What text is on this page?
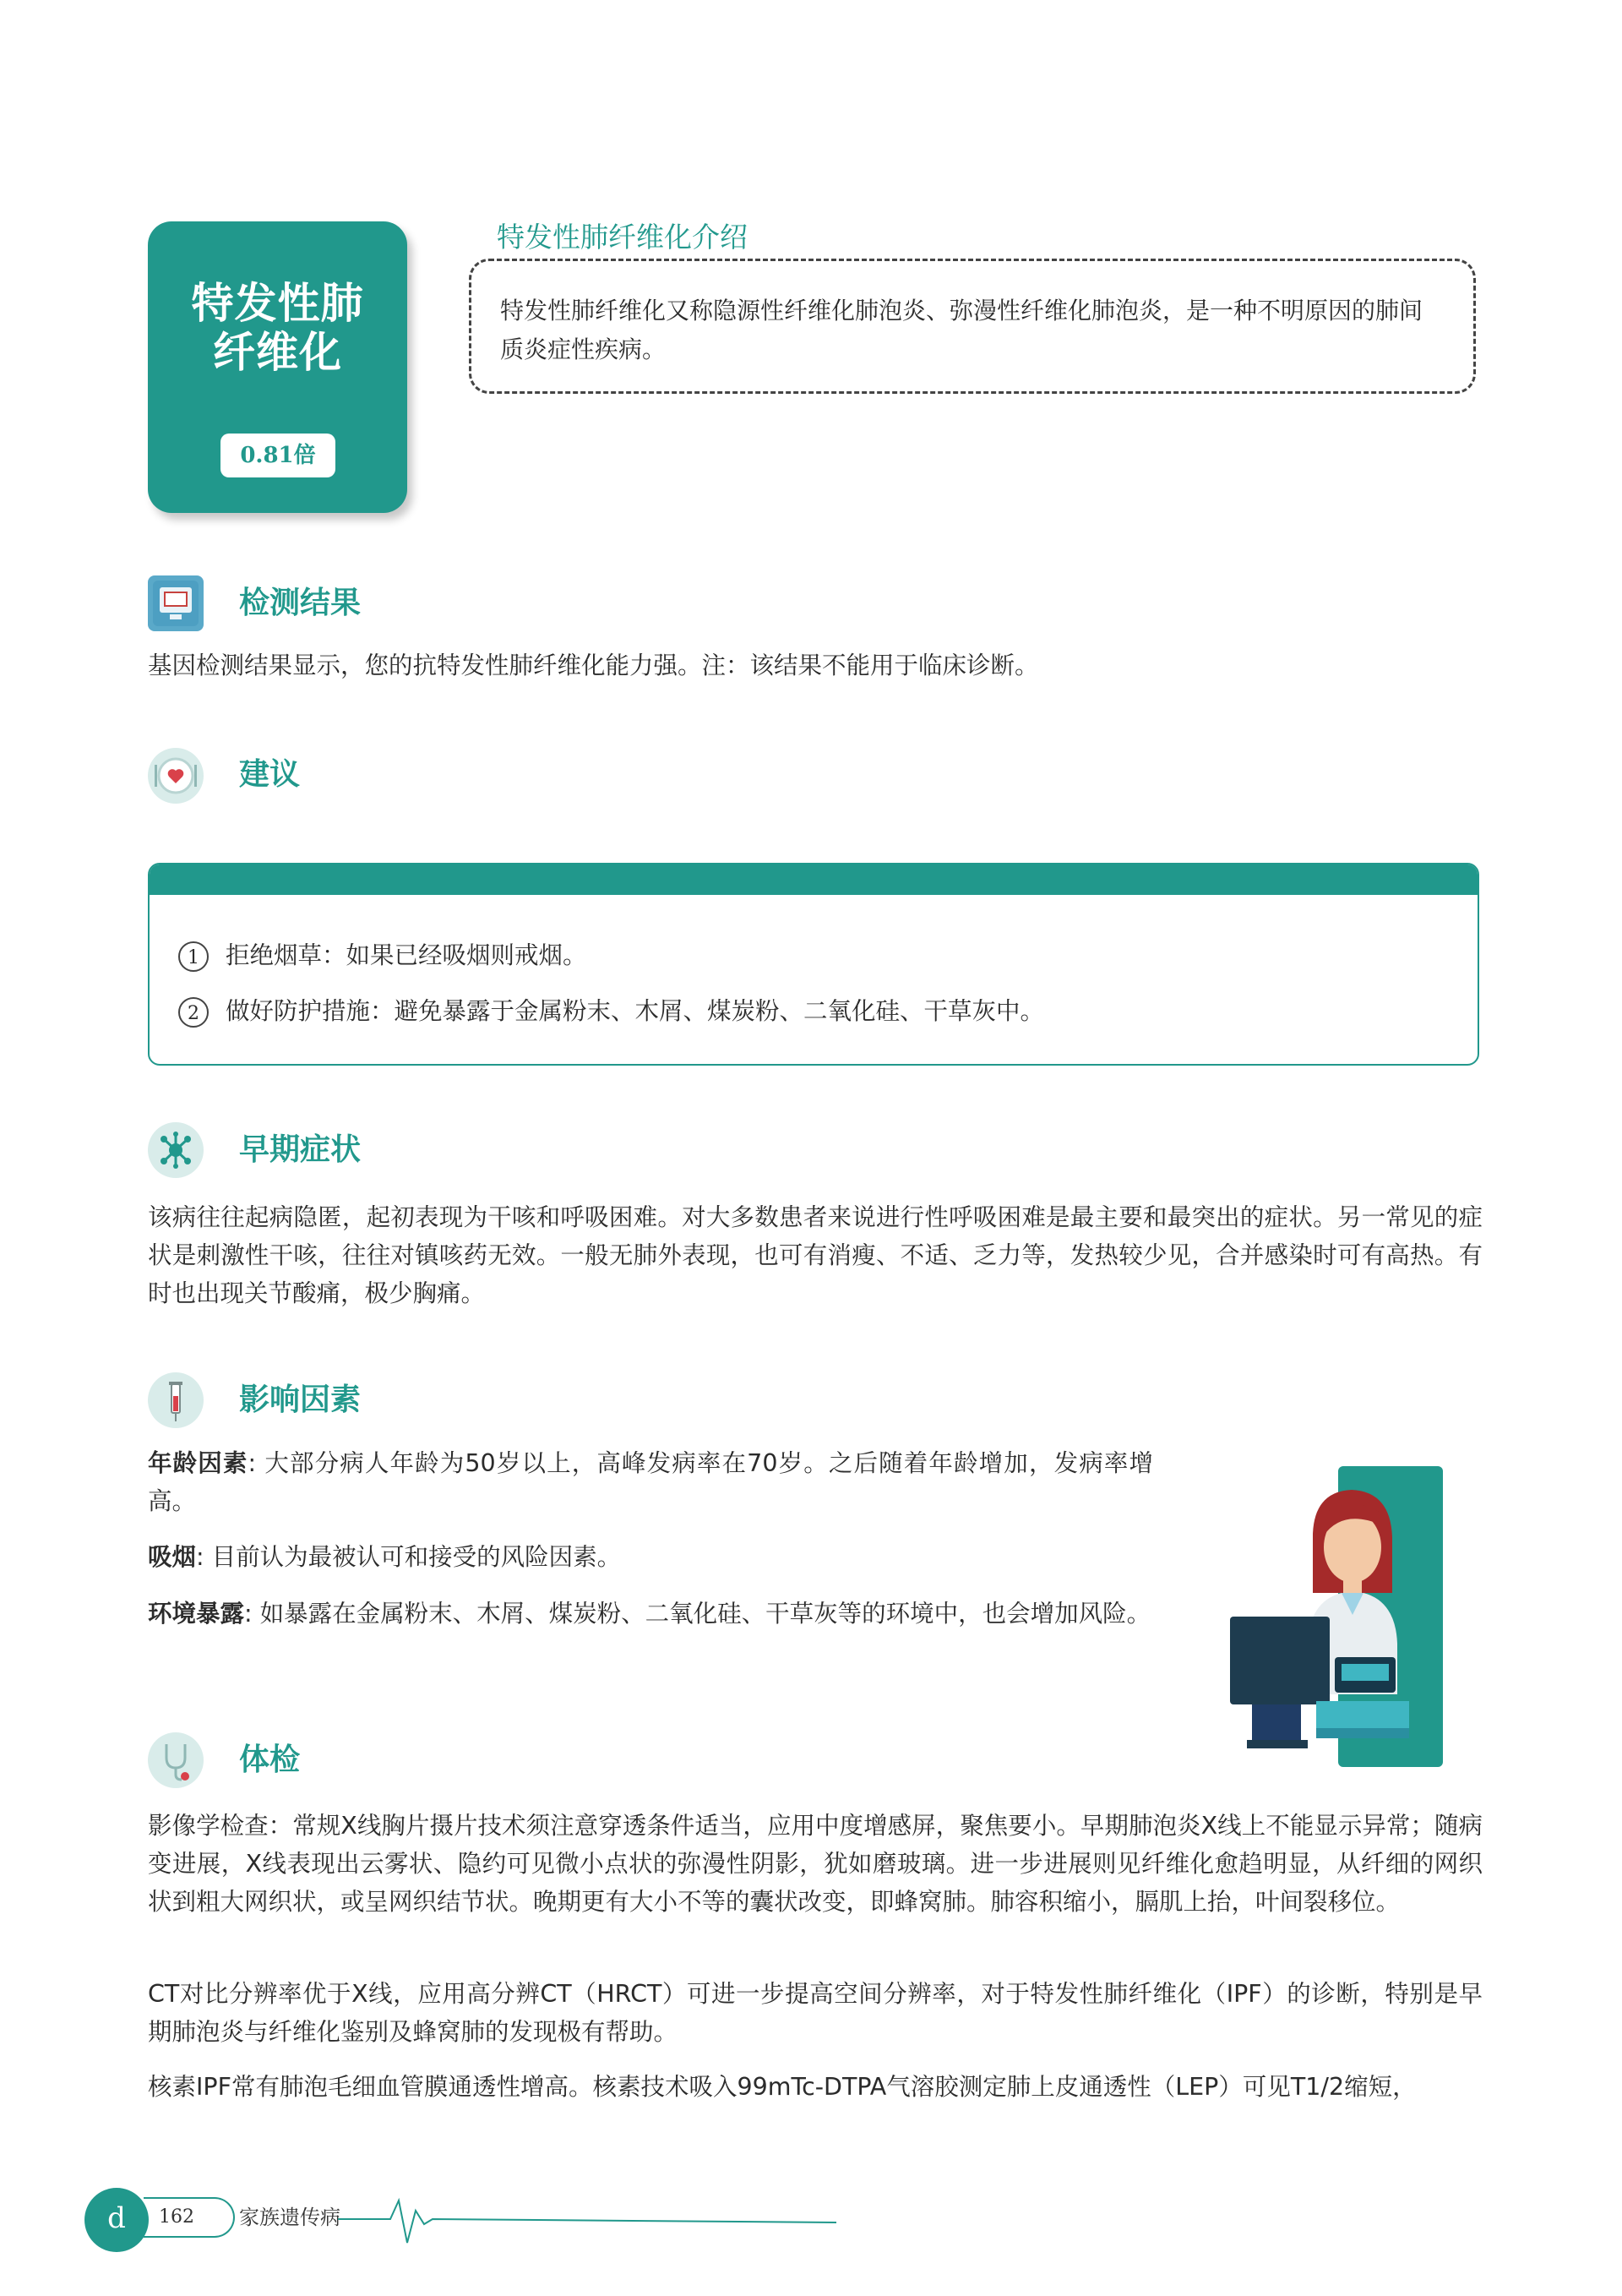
特发性肺纤维化
0.81倍
特发性肺纤维化介绍
特发性肺纤维化又称隐源性纤维化肺泡炎、弥漫性纤维化肺泡炎，是一种不明原因的肺间质炎症性疾病。
检测结果
基因检测结果显示，您的抗特发性肺纤维化能力强。注：该结果不能用于临床诊断。
建议
1 拒绝烟草：如果已经吸烟则戒烟。
2 做好防护措施：避免暴露于金属粉末、木屑、煤炭粉、二氧化硅、干草灰中。
早期症状
该病往往起病隐匿，起初表现为干咳和呼吸困难。对大多数患者来说进行性呼吸困难是最主要和最突出的症状。另一常见的症状是刺激性干咳，往往对镇咳药无效。一般无肺外表现，也可有消瘦、不适、乏力等，发热较少见，合并感染时可有高热。有时也出现关节酸痛，极少胸痛。
影响因素
年龄因素: 大部分病人年龄为50岁以上，高峰发病率在70岁。之后随着年龄增加，发病率增高。
吸烟: 目前认为最被认可和接受的风险因素。
环境暴露: 如暴露在金属粉末、木屑、煤炭粉、二氧化硅、干草灰等的环境中，也会增加风险。
体检
影像学检查：常规X线胸片摄片技术须注意穿透条件适当，应用中度增感屏，聚焦要小。早期肺泡炎X线上不能显示异常；随病变进展，X线表现出云雾状、隐约可见微小点状的弥漫性阴影，犹如磨玻璃。进一步进展则见纤维化愈趋明显，从纤细的网织状到粗大网织状，或呈网织结节状。晚期更有大小不等的囊状改变，即蜂窝肺。肺容积缩小，膈肌上抬，叶间裂移位。
CT对比分辨率优于X线，应用高分辨CT（HRCT）可进一步提高空间分辨率，对于特发性肺纤维化（IPF）的诊断，特别是早期肺泡炎与纤维化鉴别及蜂窝肺的发现极有帮助。
核素IPF常有肺泡毛细血管膜通透性增高。核素技术吸入99mTc-DTPA气溶胶测定肺上皮通透性（LEP）可见T1/2缩短，
d	162 家族遗传病
